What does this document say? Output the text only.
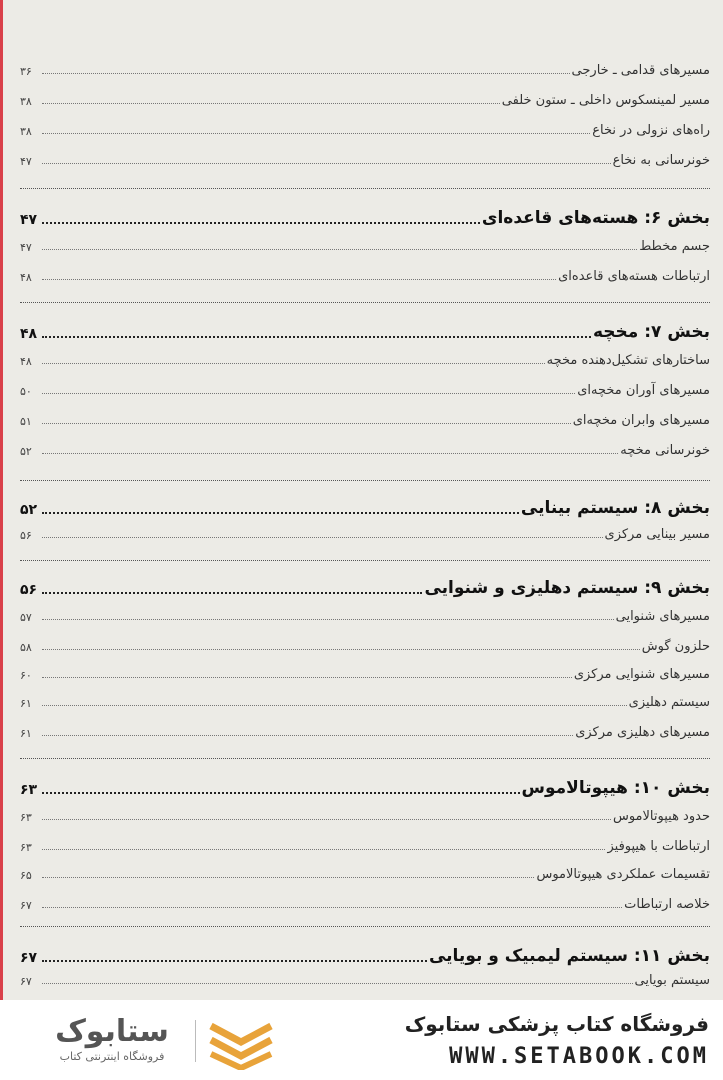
مسیرهای قدامی ـ خارجی
۳۶
مسیر لمینسکوس داخلی ـ ستون خلفی
۳۸
راه‌های نزولی در نخاع
۳۸
خونرسانی به نخاع
۴۷
بخش ۶: هسته‌های قاعده‌ای
۴۷
جسم مخطط
۴۷
ارتباطات هسته‌های قاعده‌ای
۴۸
بخش ۷: مخچه
۴۸
ساختارهای تشکیل‌دهنده مخچه
۴۸
مسیرهای آوران مخچه‌ای
۵۰
مسیرهای وابران مخچه‌ای
۵۱
خونرسانی مخچه
۵۲
بخش ۸: سیستم بینایی
۵۲
مسیر بینایی مرکزی
۵۶
بخش ۹: سیستم دهلیزی و شنوایی
۵۶
مسیرهای شنوایی
۵۷
حلزون گوش
۵۸
مسیرهای شنوایی مرکزی
۶۰
سیستم دهلیزی
۶۱
مسیرهای دهلیزی مرکزی
۶۱
بخش ۱۰: هیپوتالاموس
۶۳
حدود هیپوتالاموس
۶۳
ارتباطات با هیپوفیز
۶۳
تقسیمات عملکردی هیپوتالاموس
۶۵
خلاصه ارتباطات
۶۷
بخش ۱۱: سیستم لیمبیک و بویایی
۶۷
سیستم بویایی
۶۷
ستابوک
فروشگاه اینترنتی کتاب
فروشگاه کتاب پزشکی ستابوک
WWW.SETABOOK.COM
